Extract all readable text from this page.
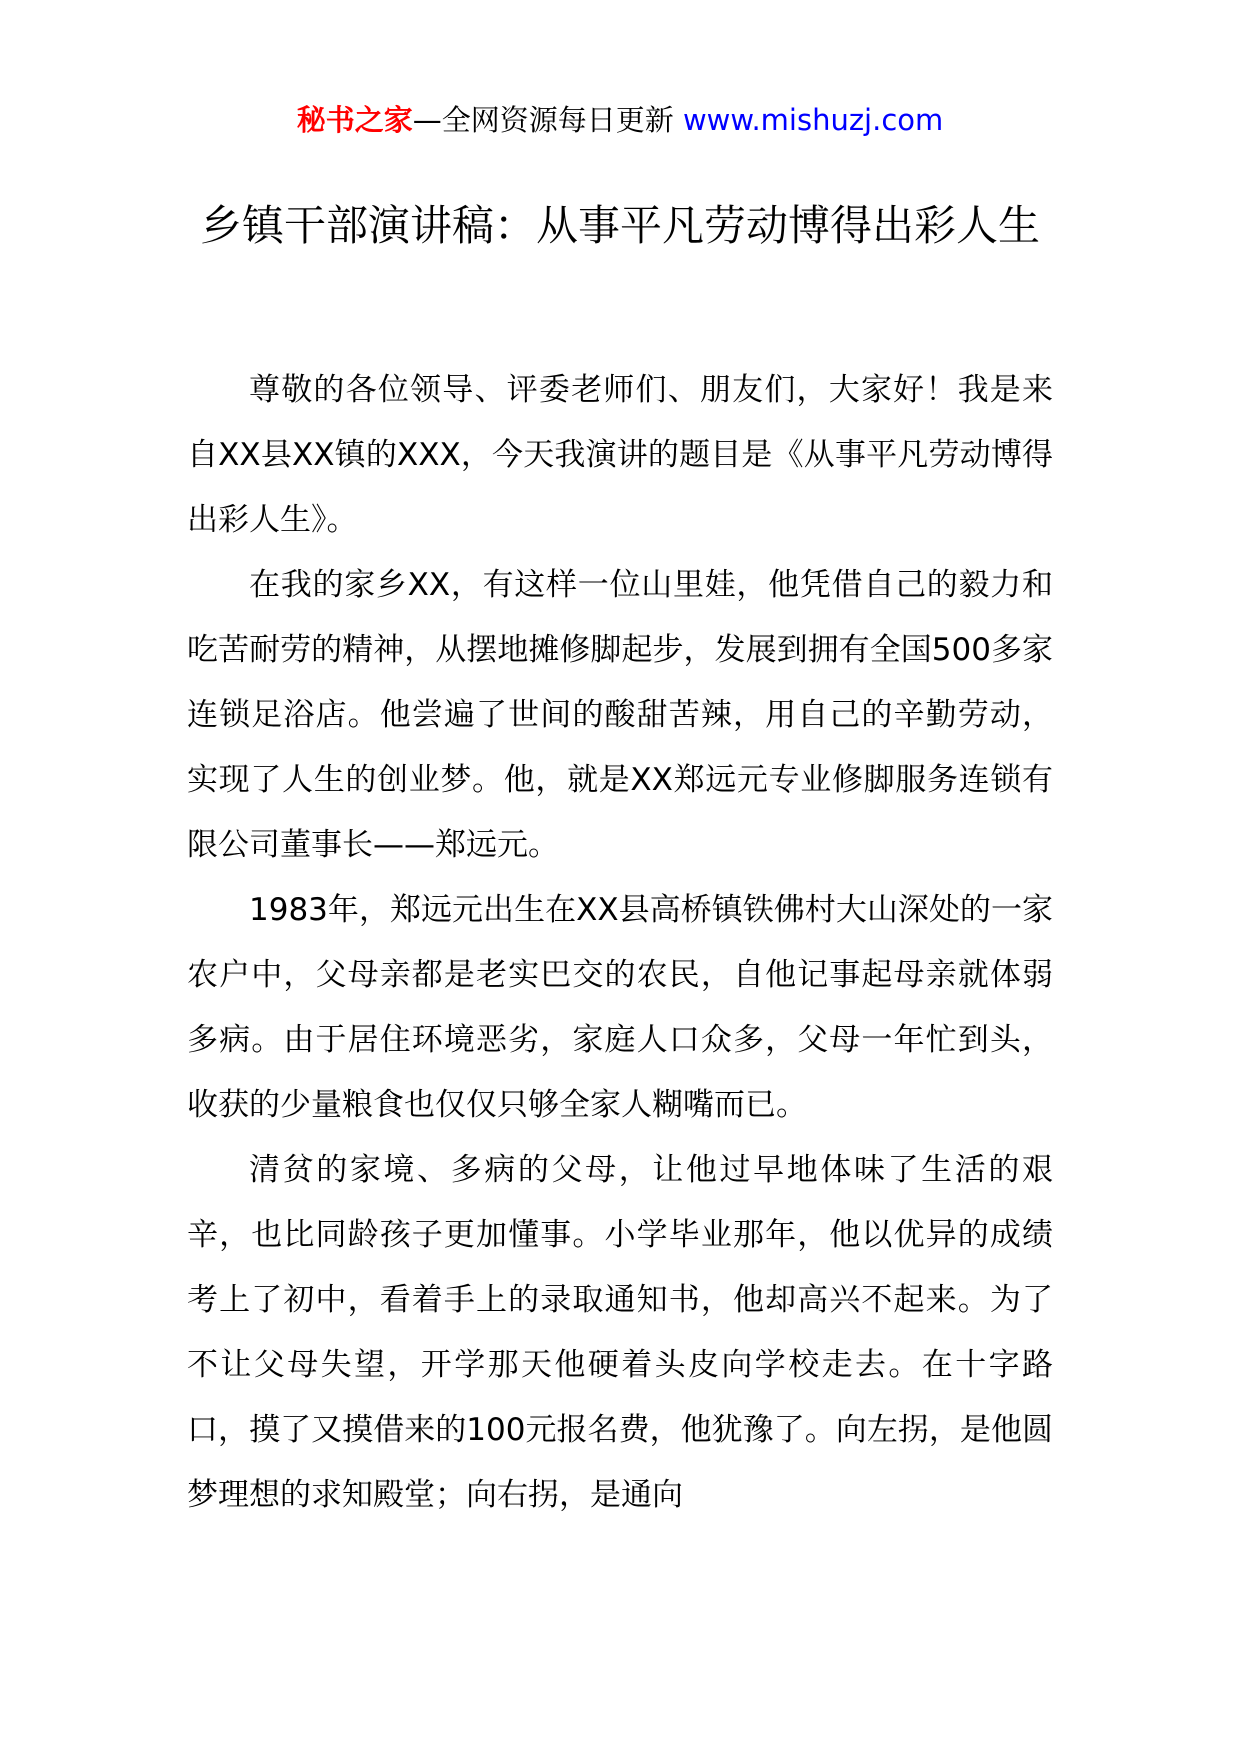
秘书之家—全网资源每日更新 www.mishuzj.com
乡镇干部演讲稿：从事平凡劳动博得出彩人生

尊敬的各位领导、评委老师们、朋友们，大家好！我是来自XX县XX镇的XXX，今天我演讲的题目是《从事平凡劳动博得出彩人生》。

在我的家乡XX，有这样一位山里娃，他凭借自己的毅力和吃苦耐劳的精神，从摆地摊修脚起步，发展到拥有全国500多家连锁足浴店。他尝遍了世间的酸甜苦辣，用自己的辛勤劳动，实现了人生的创业梦。他，就是XX郑远元专业修脚服务连锁有限公司董事长——郑远元。

1983年，郑远元出生在XX县高桥镇铁佛村大山深处的一家农户中，父母亲都是老实巴交的农民，自他记事起母亲就体弱多病。由于居住环境恶劣，家庭人口众多，父母一年忙到头，收获的少量粮食也仅仅只够全家人糊嘴而已。

清贫的家境、多病的父母，让他过早地体味了生活的艰辛，也比同龄孩子更加懂事。小学毕业那年，他以优异的成绩考上了初中，看着手上的录取通知书，他却高兴不起来。为了不让父母失望，开学那天他硬着头皮向学校走去。在十字路口，摸了又摸借来的100元报名费，他犹豫了。向左拐，是他圆梦理想的求知殿堂；向右拐，是通向
